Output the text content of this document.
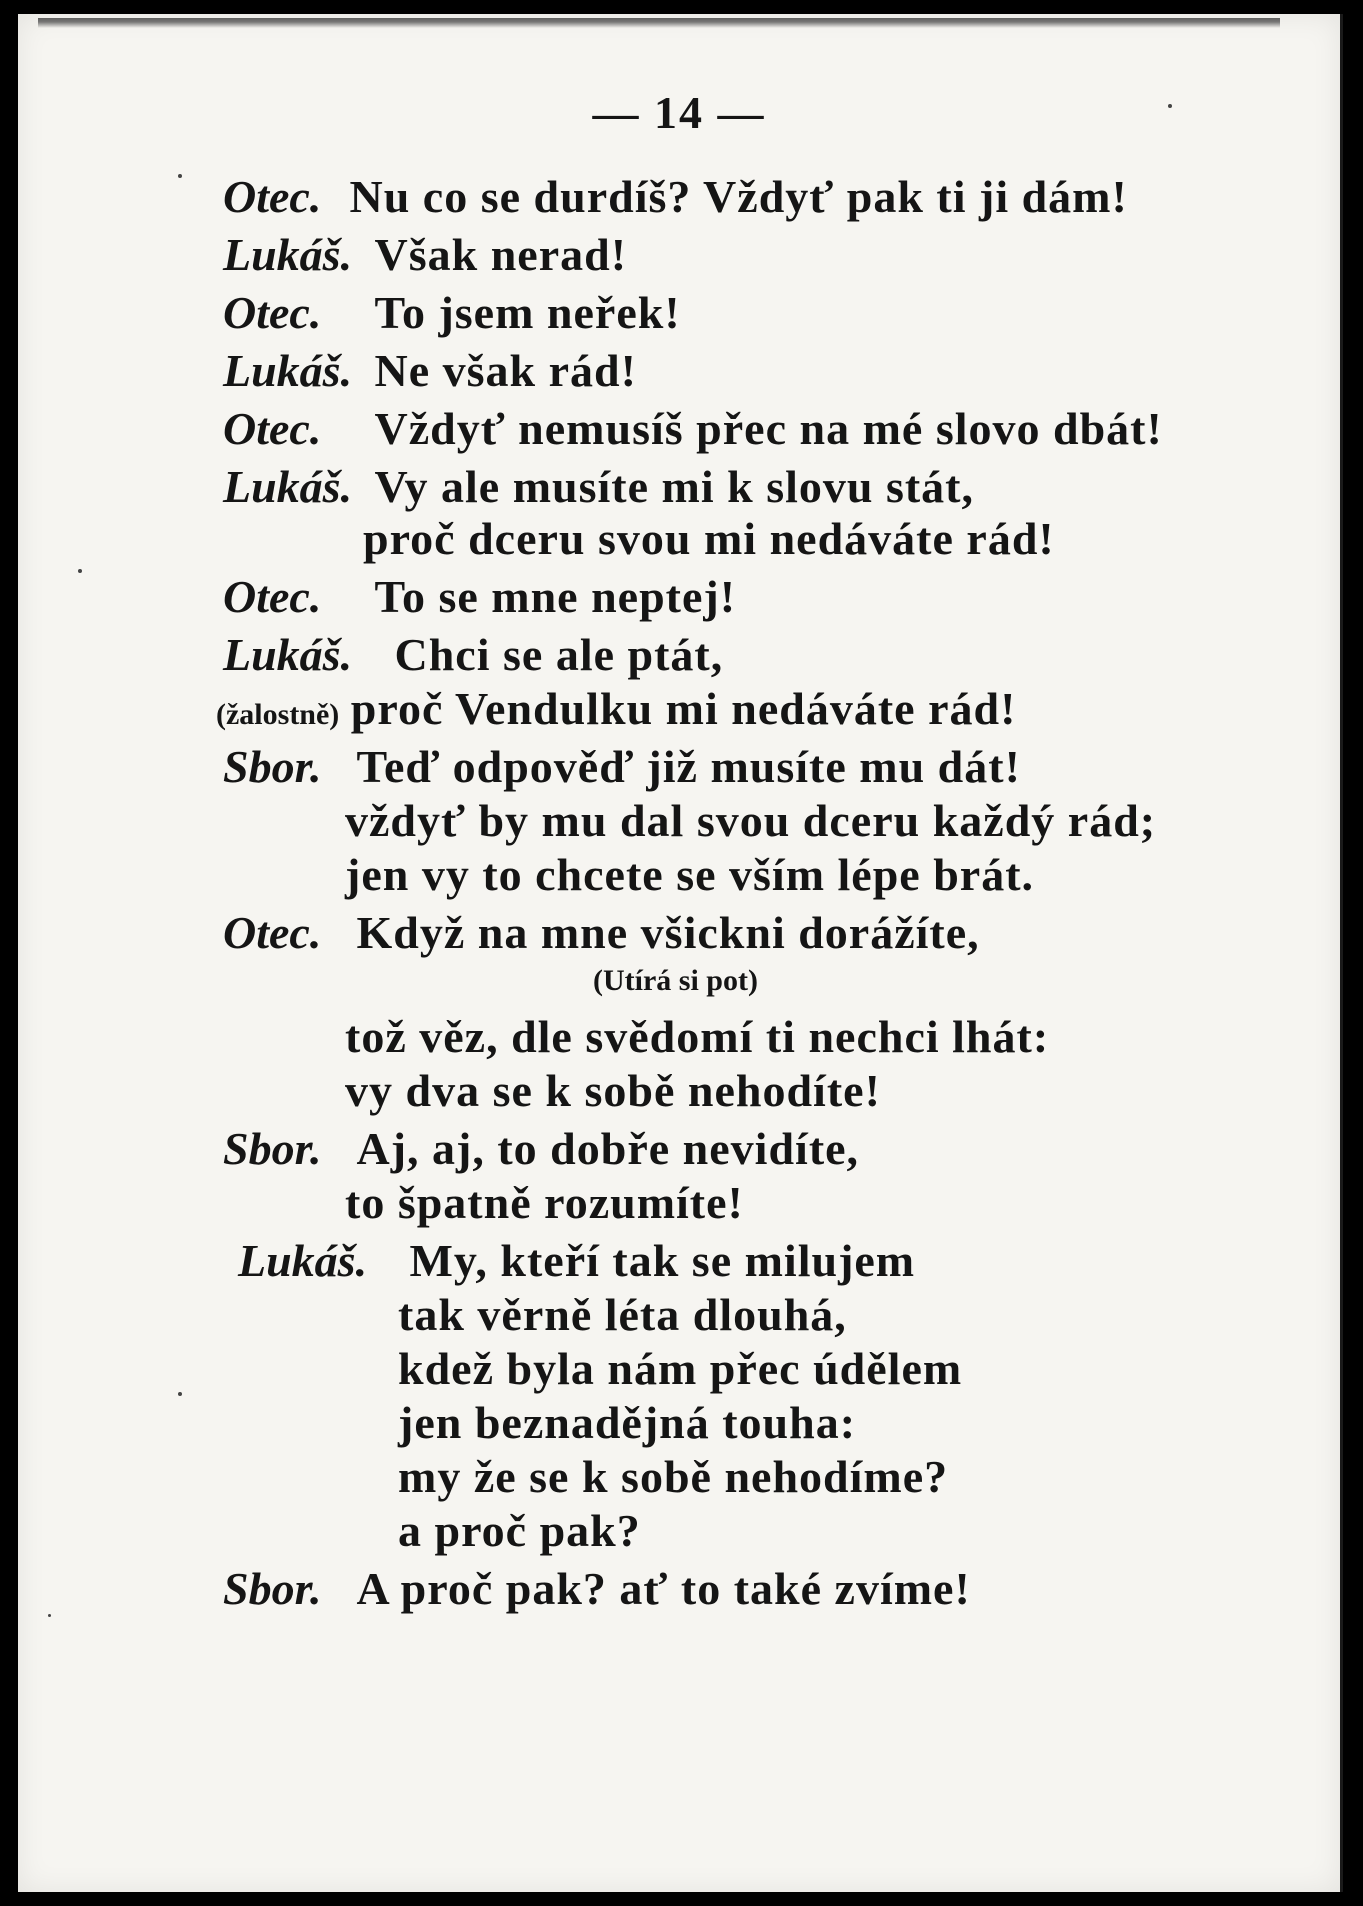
— 14 —
Otec. Nu co se durdíš? Vždyť pak ti ji dám!
Lukáš. Však nerad!
Otec. To jsem neřek!
Lukáš. Ne však rád!
Otec. Vždyť nemusíš přec na mé slovo dbát!
Lukáš. Vy ale musíte mi k slovu stát,
proč dceru svou mi nedáváte rád!
Otec. To se mne neptej!
Lukáš. Chci se ale ptát,
(žalostně) proč Vendulku mi nedáváte rád!
Sbor. Teď odpověď již musíte mu dát!
vždyť by mu dal svou dceru každý rád;
jen vy to chcete se vším lépe brát.
Otec. Když na mne všickni dorážíte,
(Utírá si pot)
tož věz, dle svědomí ti nechci lhát:
vy dva se k sobě nehodíte!
Sbor. Aj, aj, to dobře nevidíte,
to špatně rozumíte!
Lukáš. My, kteří tak se milujem
tak věrně léta dlouhá,
kdež byla nám přec údělem
jen beznadějná touha:
my že se k sobě nehodíme?
a proč pak?
Sbor. A proč pak? ať to také zvíme!
